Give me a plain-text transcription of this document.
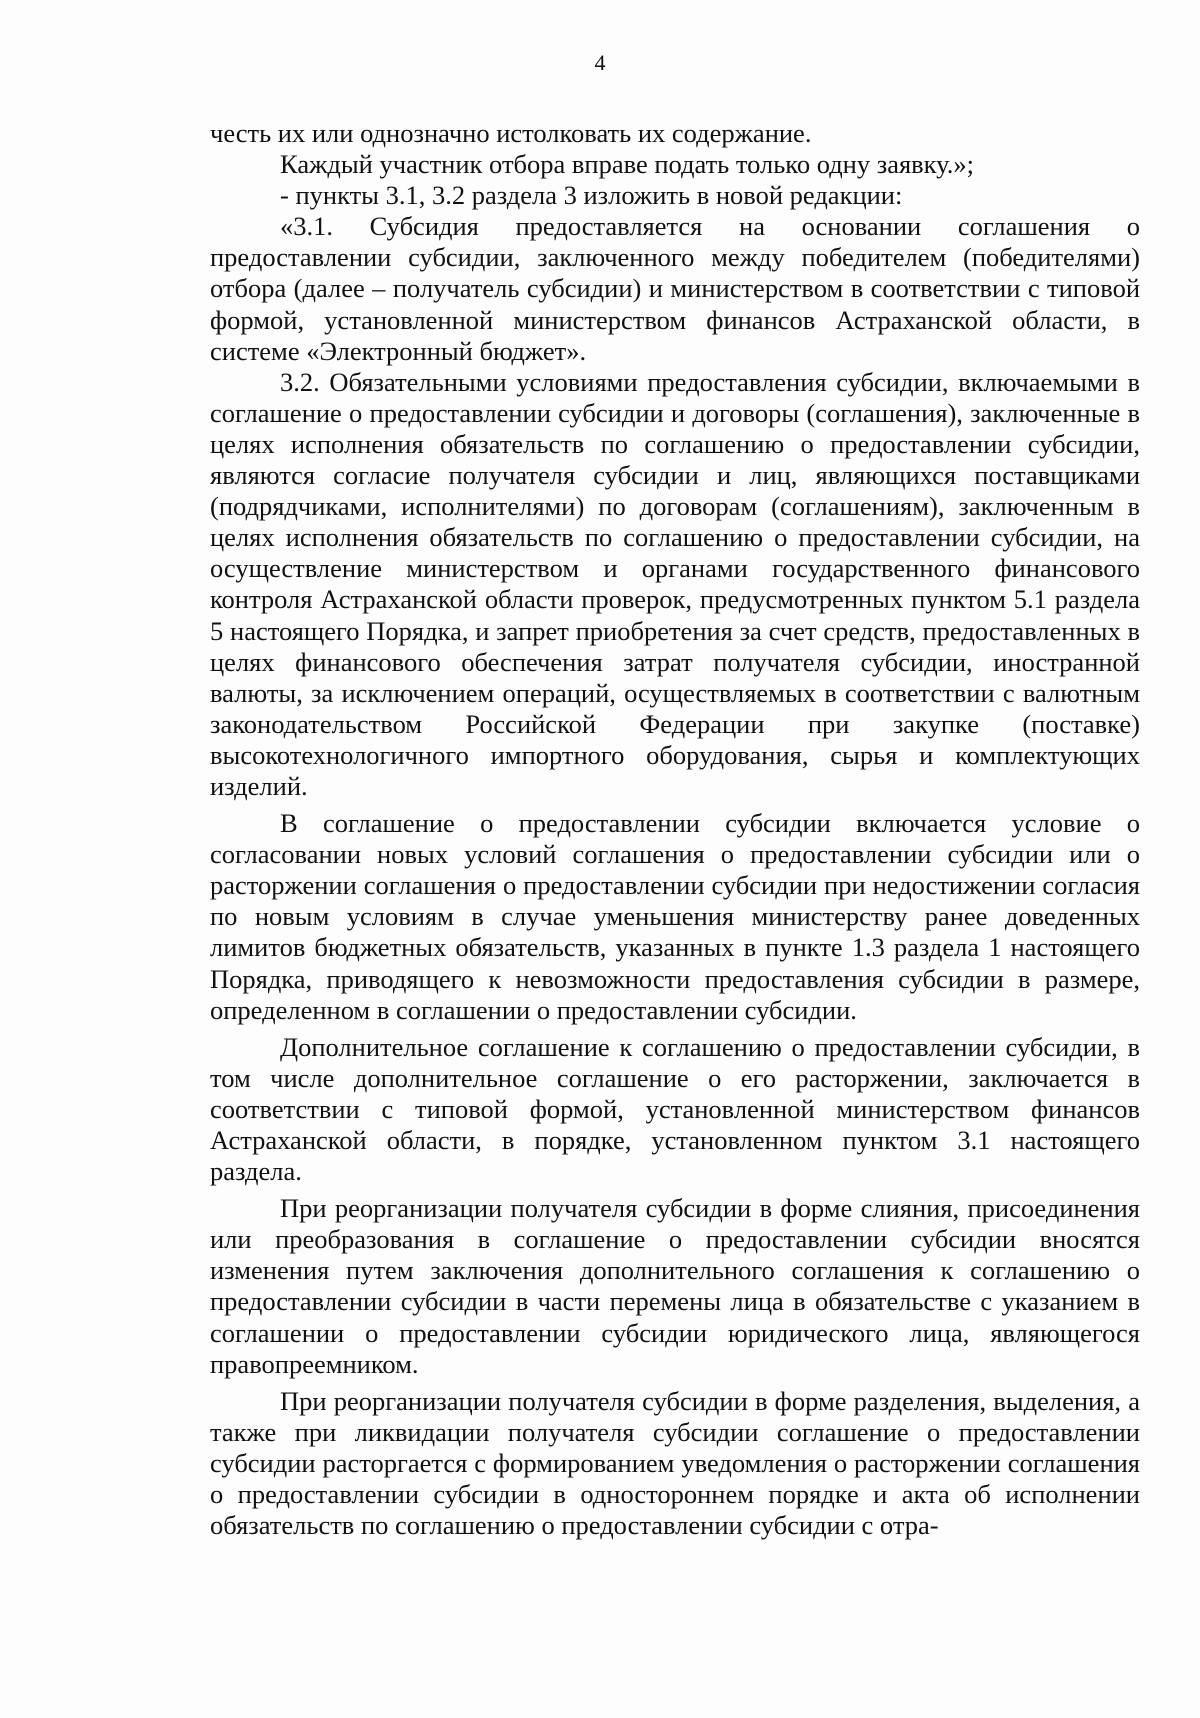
4

честь их или однозначно истолковать их содержание.

Каждый участник отбора вправе подать только одну заявку.»;

- пункты 3.1, 3.2 раздела 3 изложить в новой редакции:

«3.1. Субсидия предоставляется на основании соглашения о предоставлении субсидии, заключенного между победителем (победителями) отбора (далее – получатель субсидии) и министерством в соответствии с типовой формой, установленной министерством финансов Астраханской области, в системе «Электронный бюджет».

3.2. Обязательными условиями предоставления субсидии, включаемыми в соглашение о предоставлении субсидии и договоры (соглашения), заключенные в целях исполнения обязательств по соглашению о предоставлении субсидии, являются согласие получателя субсидии и лиц, являющихся поставщиками (подрядчиками, исполнителями) по договорам (соглашениям), заключенным в целях исполнения обязательств по соглашению о предоставлении субсидии, на осуществление министерством и органами государственного финансового контроля Астраханской области проверок, предусмотренных пунктом 5.1 раздела 5 настоящего Порядка, и запрет приобретения за счет средств, предоставленных в целях финансового обеспечения затрат получателя субсидии, иностранной валюты, за исключением операций, осуществляемых в соответствии с валютным законодательством Российской Федерации при закупке (поставке) высокотехнологичного импортного оборудования, сырья и комплектующих изделий.

В соглашение о предоставлении субсидии включается условие о согласовании новых условий соглашения о предоставлении субсидии или о расторжении соглашения о предоставлении субсидии при недостижении согласия по новым условиям в случае уменьшения министерству ранее доведенных лимитов бюджетных обязательств, указанных в пункте 1.3 раздела 1 настоящего Порядка, приводящего к невозможности предоставления субсидии в размере, определенном в соглашении о предоставлении субсидии.

Дополнительное соглашение к соглашению о предоставлении субсидии, в том числе дополнительное соглашение о его расторжении, заключается в соответствии с типовой формой, установленной министерством финансов Астраханской области, в порядке, установленном пунктом 3.1 настоящего раздела.

При реорганизации получателя субсидии в форме слияния, присоединения или преобразования в соглашение о предоставлении субсидии вносятся изменения путем заключения дополнительного соглашения к соглашению о предоставлении субсидии в части перемены лица в обязательстве с указанием в соглашении о предоставлении субсидии юридического лица, являющегося правопреемником.

При реорганизации получателя субсидии в форме разделения, выделения, а также при ликвидации получателя субсидии соглашение о предоставлении субсидии расторгается с формированием уведомления о расторжении соглашения о предоставлении субсидии в одностороннем порядке и акта об исполнении обязательств по соглашению о предоставлении субсидии с отра-
